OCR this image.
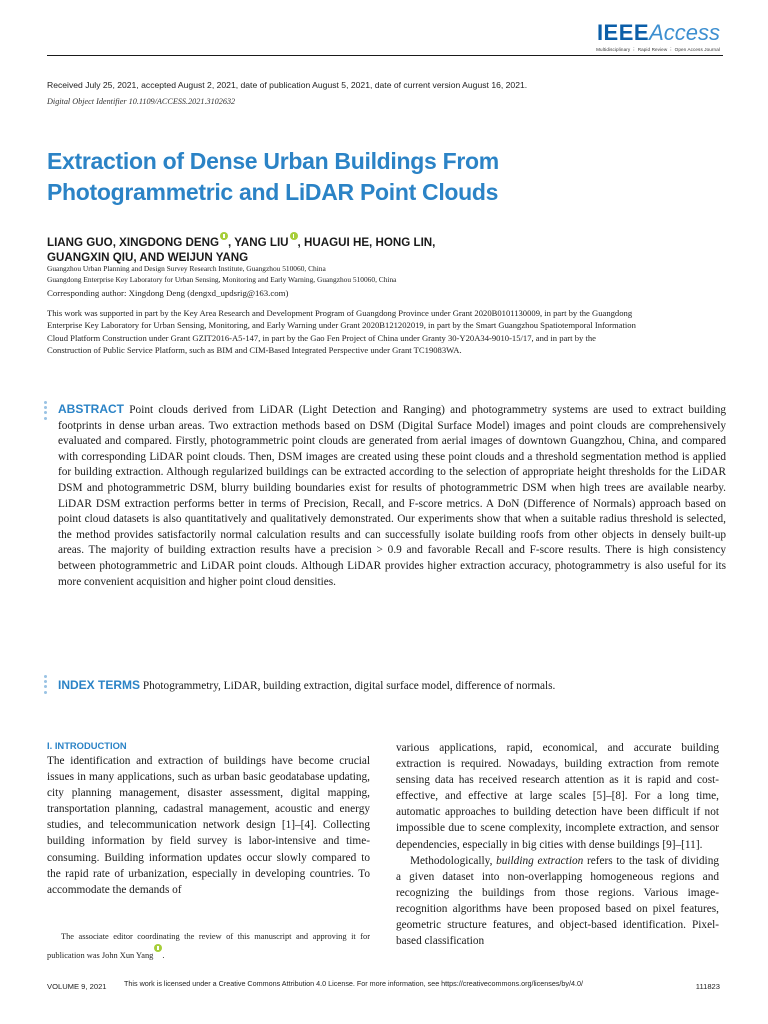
IEEEAccess
Multidisciplinary ⋮ Rapid Review ⋮ Open Access Journal
Received July 25, 2021, accepted August 2, 2021, date of publication August 5, 2021, date of current version August 16, 2021.
Digital Object Identifier 10.1109/ACCESS.2021.3102632
Extraction of Dense Urban Buildings From Photogrammetric and LiDAR Point Clouds
LIANG GUO, XINGDONG DENG , YANG LIU , HUAGUI HE, HONG LIN,
GUANGXIN QIU, AND WEIJUN YANG
Guangzhou Urban Planning and Design Survey Research Institute, Guangzhou 510060, China
Guangdong Enterprise Key Laboratory for Urban Sensing, Monitoring and Early Warning, Guangzhou 510060, China
Corresponding author: Xingdong Deng (dengxd_updsrig@163.com)
This work was supported in part by the Key Area Research and Development Program of Guangdong Province under Grant 2020B0101130009, in part by the Guangdong Enterprise Key Laboratory for Urban Sensing, Monitoring, and Early Warning under Grant 2020B121202019, in part by the Smart Guangzhou Spatiotemporal Information Cloud Platform Construction under Grant GZIT2016-A5-147, in part by the Gao Fen Project of China under Granty 30-Y20A34-9010-15/17, and in part by the Construction of Public Service Platform, such as BIM and CIM-Based Integrated Perspective under Grant TC19083WA.

ABSTRACT Point clouds derived from LiDAR (Light Detection and Ranging) and photogrammetry systems are used to extract building footprints in dense urban areas. Two extraction methods based on DSM (Digital Surface Model) images and point clouds are comprehensively evaluated and compared. Firstly, photogrammetric point clouds are generated from aerial images of downtown Guangzhou, China, and compared with corresponding LiDAR point clouds. Then, DSM images are created using these point clouds and a threshold segmentation method is applied for building extraction. Although regularized buildings can be extracted according to the selection of appropriate height thresholds for the LiDAR DSM and photogrammetric DSM, blurry building boundaries exist for results of photogrammetric DSM when high trees are available nearby. LiDAR DSM extraction performs better in terms of Precision, Recall, and F-score metrics. A DoN (Difference of Normals) approach based on point cloud datasets is also quantitatively and qualitatively demonstrated. Our experiments show that when a suitable radius threshold is selected, the method provides satisfactorily normal calculation results and can successfully isolate building roofs from other objects in densely built-up areas. The majority of building extraction results have a precision > 0.9 and favorable Recall and F-score results. There is high consistency between photogrammetric and LiDAR point clouds. Although LiDAR provides higher extraction accuracy, photogrammetry is also useful for its more convenient acquisition and higher point cloud densities.

INDEX TERMS Photogrammetry, LiDAR, building extraction, digital surface model, difference of normals.
I. INTRODUCTION

The identification and extraction of buildings have become crucial issues in many applications, such as urban basic geodatabase updating, city planning management, disaster assessment, digital mapping, transportation planning, cadastral management, acoustic and energy studies, and telecommunication network design [1]–[4]. Collecting building information by field survey is labor-intensive and time-consuming. Building information updates occur slowly compared to the rapid rate of urbanization, especially in developing countries. To accommodate the demands of

The associate editor coordinating the review of this manuscript and approving it for publication was John Xun Yang .

various applications, rapid, economical, and accurate building extraction is required. Nowadays, building extraction from remote sensing data has received research attention as it is rapid and cost-effective, and effective at large scales [5]–[8]. For a long time, automatic approaches to building detection have been difficult if not impossible due to scene complexity, incomplete extraction, and sensor dependencies, especially in big cities with dense buildings [9]–[11].

Methodologically, building extraction refers to the task of dividing a given dataset into non-overlapping homogeneous regions and recognizing the buildings from those regions. Various image-recognition algorithms have been proposed based on pixel features, geometric structure features, and object-based identification. Pixel-based classification

VOLUME 9, 2021 This work is licensed under a Creative Commons Attribution 4.0 License. For more information, see https://creativecommons.org/licenses/by/4.0/	111823
